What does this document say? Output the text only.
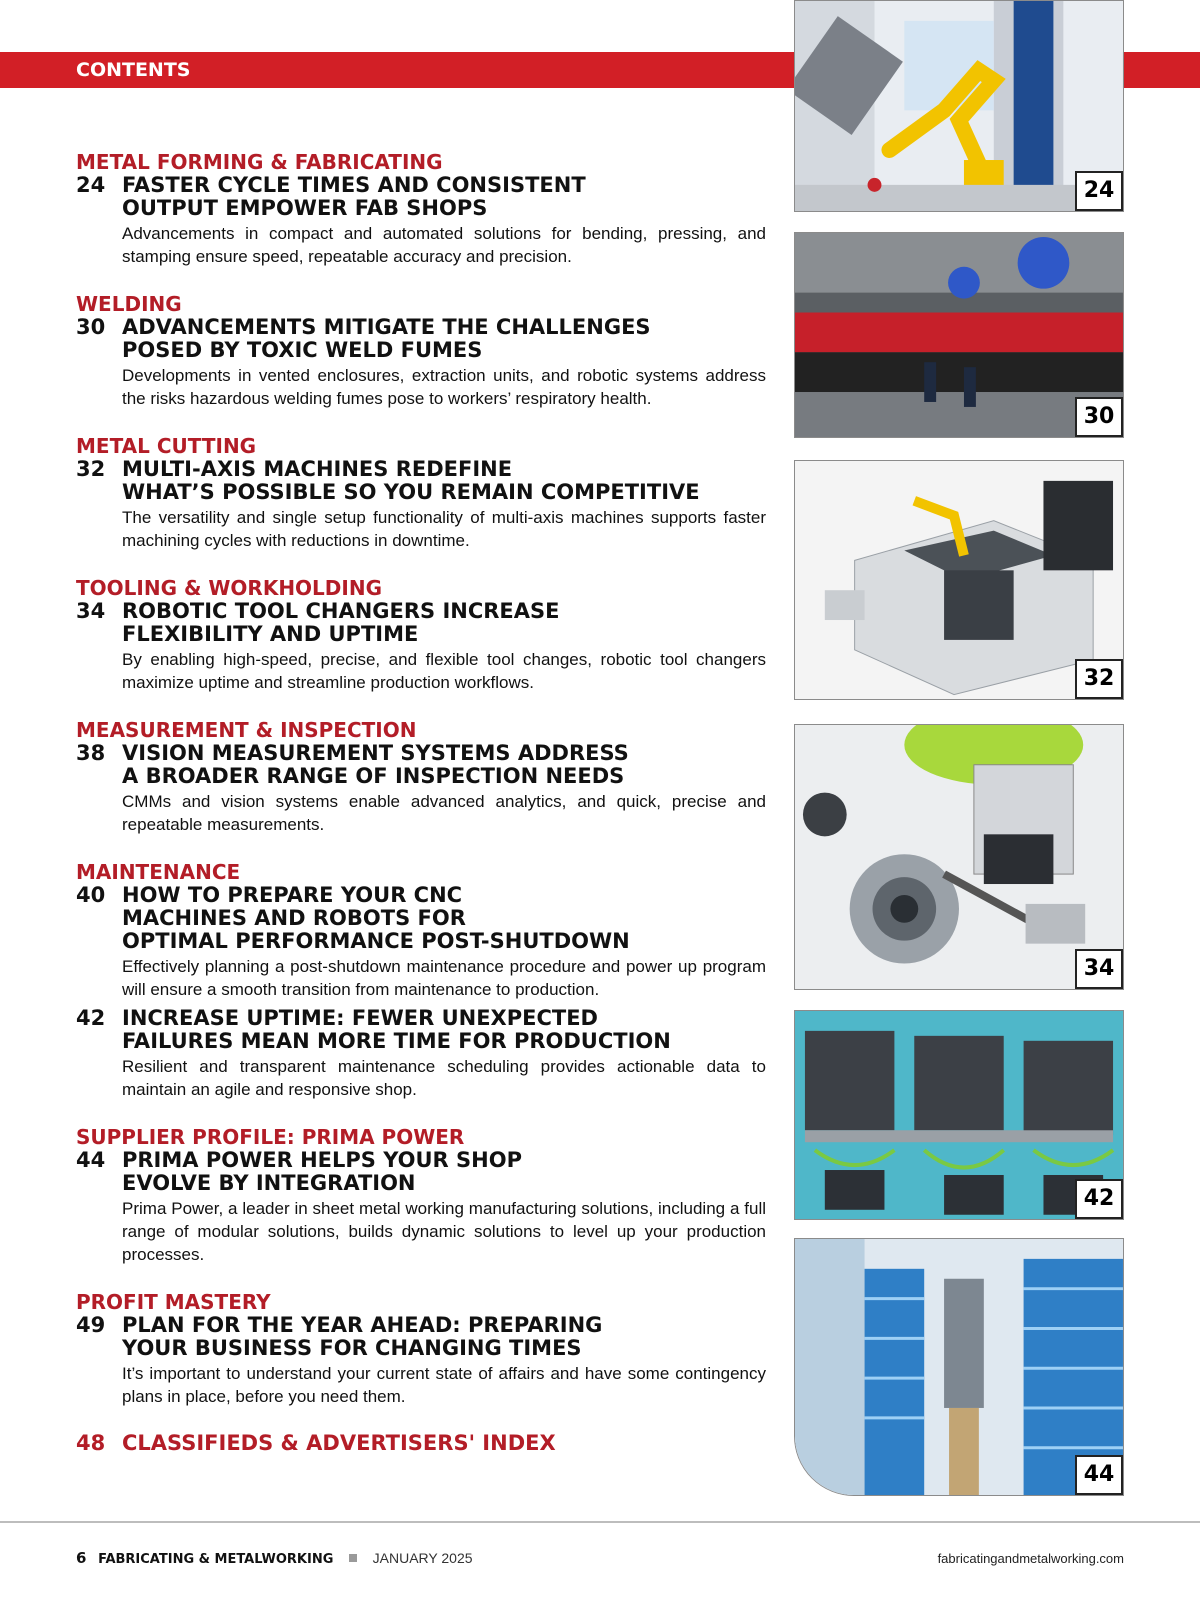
CONTENTS
METAL FORMING & FABRICATING
24 FASTER CYCLE TIMES AND CONSISTENT
OUTPUT EMPOWER FAB SHOPS
Advancements in compact and automated solutions for bending, pressing, and stamping ensure speed, repeatable accuracy and precision.
WELDING
30 ADVANCEMENTS MITIGATE THE CHALLENGES
POSED BY TOXIC WELD FUMES
Developments in vented enclosures, extraction units, and robotic systems address the risks hazardous welding fumes pose to workers’ respiratory health.
METAL CUTTING
32 MULTI-AXIS MACHINES REDEFINE
WHAT’S POSSIBLE SO YOU REMAIN COMPETITIVE
The versatility and single setup functionality of multi-axis machines supports faster machining cycles with reductions in downtime.
TOOLING & WORKHOLDING
34 ROBOTIC TOOL CHANGERS INCREASE
FLEXIBILITY AND UPTIME
By enabling high-speed, precise, and flexible tool changes, robotic tool changers maximize uptime and streamline production workflows.
MEASUREMENT & INSPECTION
38 VISION MEASUREMENT SYSTEMS ADDRESS
A BROADER RANGE OF INSPECTION NEEDS
CMMs and vision systems enable advanced analytics, and quick, precise and repeatable measurements.
MAINTENANCE
40 HOW TO PREPARE YOUR CNC
MACHINES AND ROBOTS FOR
OPTIMAL PERFORMANCE POST-SHUTDOWN
Effectively planning a post-shutdown maintenance procedure and power up program will ensure a smooth transition from maintenance to production.
42 INCREASE UPTIME: FEWER UNEXPECTED
FAILURES MEAN MORE TIME FOR PRODUCTION
Resilient and transparent maintenance scheduling provides actionable data to maintain an agile and responsive shop.
SUPPLIER PROFILE: PRIMA POWER
44 PRIMA POWER HELPS YOUR SHOP
EVOLVE BY INTEGRATION
Prima Power, a leader in sheet metal working manufacturing solutions, including a full range of modular solutions, builds dynamic solutions to level up your production processes.
PROFIT MASTERY
49 PLAN FOR THE YEAR AHEAD: PREPARING
YOUR BUSINESS FOR CHANGING TIMES
It’s important to understand your current state of affairs and have some contingency plans in place, before you need them.
48 CLASSIFIEDS & ADVERTISERS' INDEX
24
30
32
34
42
44
6 FABRICATING & METALWORKING	JANUARY 2025	fabricatingandmetalworking.com
